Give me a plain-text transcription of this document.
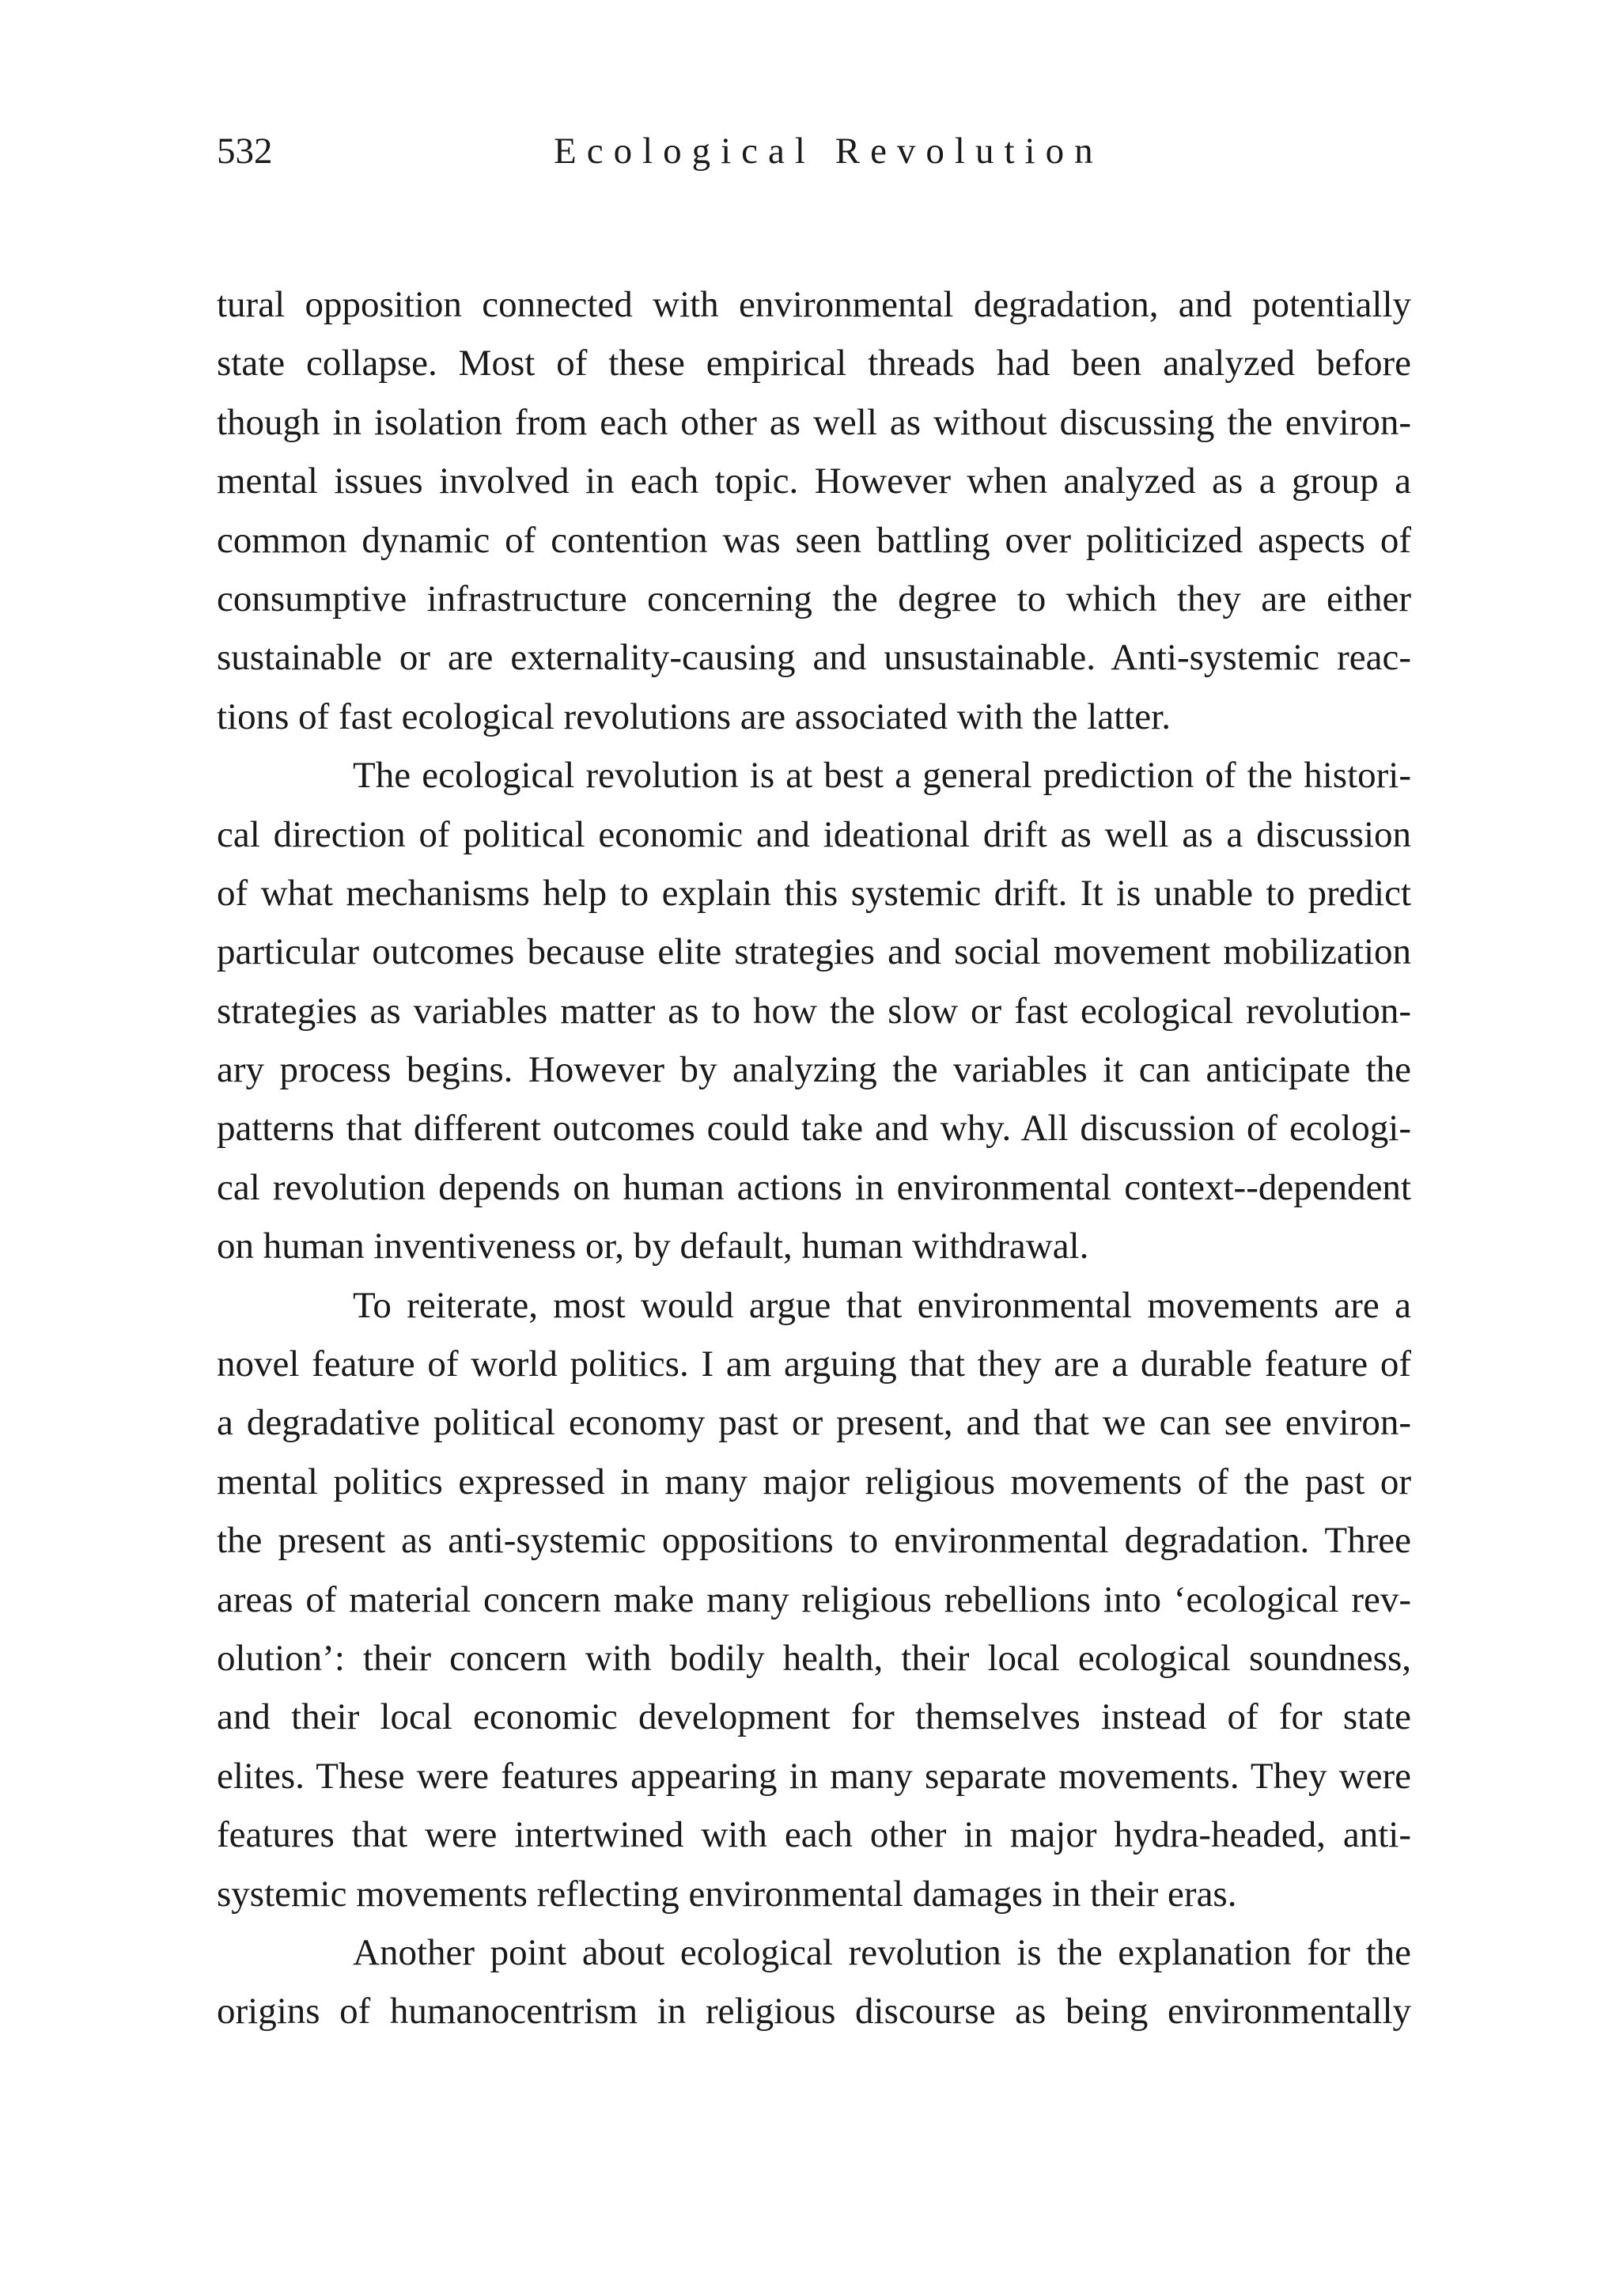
532	Ecological Revolution
tural opposition connected with environmental degradation, and potentially
state collapse. Most of these empirical threads had been analyzed before
though in isolation from each other as well as without discussing the environ-
mental issues involved in each topic. However when analyzed as a group a
common dynamic of contention was seen battling over politicized aspects of
consumptive infrastructure concerning the degree to which they are either
sustainable or are externality-causing and unsustainable. Anti-systemic reac-
tions of fast ecological revolutions are associated with the latter.
The ecological revolution is at best a general prediction of the histori-
cal direction of political economic and ideational drift as well as a discussion
of what mechanisms help to explain this systemic drift. It is unable to predict
particular outcomes because elite strategies and social movement mobilization
strategies as variables matter as to how the slow or fast ecological revolution-
ary process begins. However by analyzing the variables it can anticipate the
patterns that different outcomes could take and why. All discussion of ecologi-
cal revolution depends on human actions in environmental context--dependent
on human inventiveness or, by default, human withdrawal.
To reiterate, most would argue that environmental movements are a
novel feature of world politics. I am arguing that they are a durable feature of
a degradative political economy past or present, and that we can see environ-
mental politics expressed in many major religious movements of the past or
the present as anti-systemic oppositions to environmental degradation. Three
areas of material concern make many religious rebellions into ‘ecological rev-
olution’: their concern with bodily health, their local ecological soundness,
and their local economic development for themselves instead of for state
elites. These were features appearing in many separate movements. They were
features that were intertwined with each other in major hydra-headed, anti-
systemic movements reflecting environmental damages in their eras.
Another point about ecological revolution is the explanation for the
origins of humanocentrism in religious discourse as being environmentally
